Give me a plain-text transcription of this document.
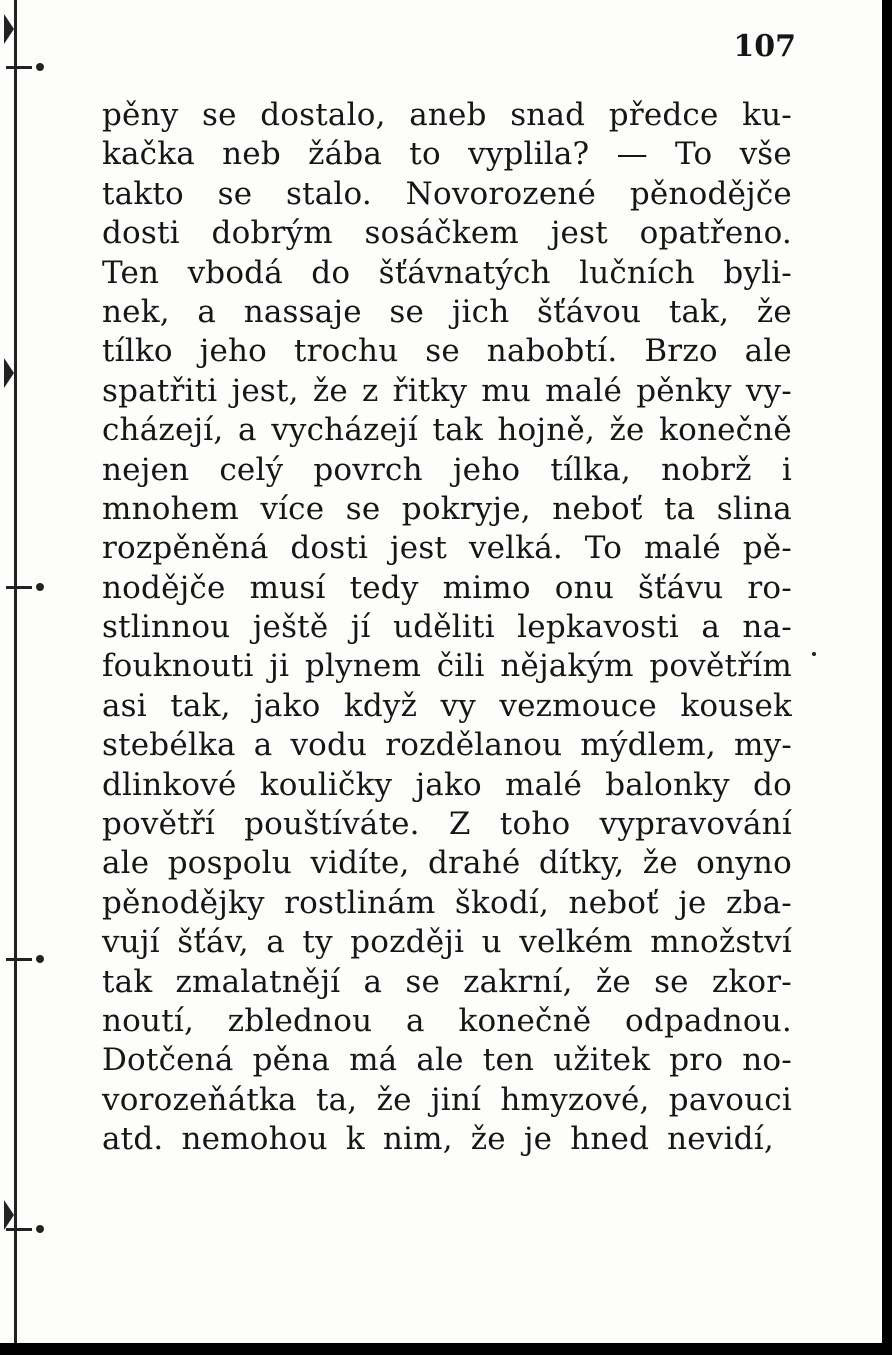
107
pěny se dostalo, aneb snad předce ku-
kačka neb žába to vyplila? — To vše
takto se stalo. Novorozené pěnodějče
dosti dobrým sosáčkem jest opatřeno.
Ten vbodá do šťávnatých lučních byli-
nek, a nassaje se jich šťávou tak, že
tílko jeho trochu se nabobtí. Brzo ale
spatřiti jest, že z řitky mu malé pěnky vy-
cházejí, a vycházejí tak hojně, že konečně
nejen celý povrch jeho tílka, nobrž i
mnohem více se pokryje, neboť ta slina
rozpěněná dosti jest velká. To malé pě-
nodějče musí tedy mimo onu šťávu ro-
stlinnou ještě jí uděliti lepkavosti a na-
fouknouti ji plynem čili nějakým povětřím
asi tak, jako když vy vezmouce kousek
stebélka a vodu rozdělanou mýdlem, my-
dlinkové kouličky jako malé balonky do
povětří pouštíváte. Z toho vypravování
ale pospolu vidíte, drahé dítky, že onyno
pěnodějky rostlinám škodí, neboť je zba-
vují šťáv, a ty později u velkém množství
tak zmalatnějí a se zakrní, že se zkor-
noutí, zblednou a konečně odpadnou.
Dotčená pěna má ale ten užitek pro no-
vorozeňátka ta, že jiní hmyzové, pavouci
atd. nemohou k nim, že je hned nevidí,
